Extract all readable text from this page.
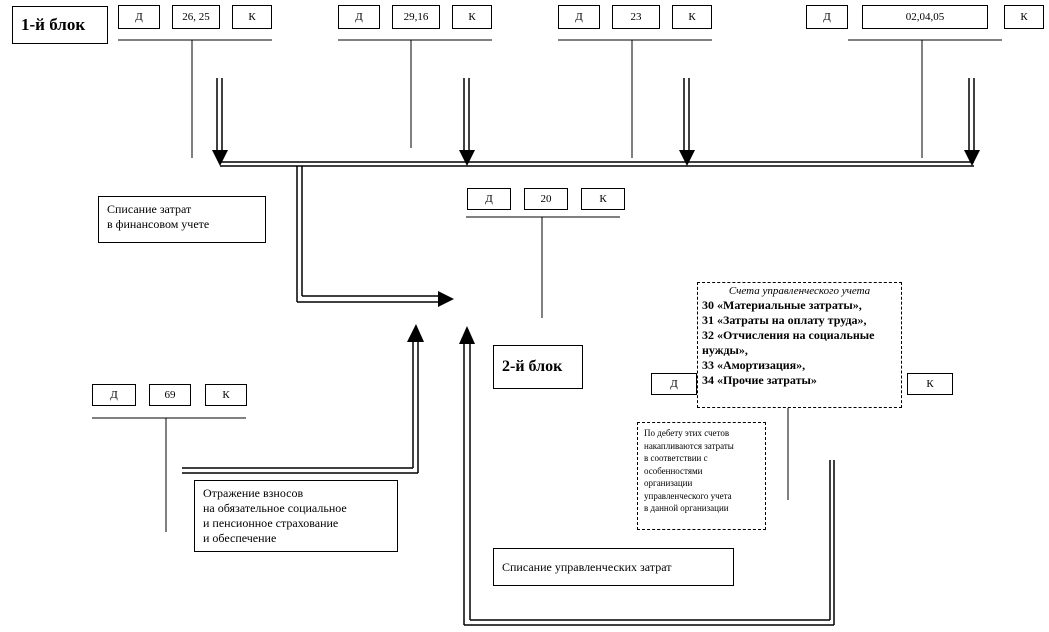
1-й блок	Д	26, 25	К	Д	29,16	К	Д	23	К	Д	02,04,05	К
Списание затрат
в финансовом учете
Д	20	К
2-й блок
Счета управленческого учета
30 «Материальные затраты»,
31 «Затраты на оплату труда»,
32 «Отчисления на социальные
нужды»,
33 «Амортизация»,
34 «Прочие затраты»
Д	К
По дебету этих счетов
накапливаются затраты
в соответствии с
особенностями
организации
управленческого учета
в данной организации
Д	69	К
Отражение взносов
на обязательное социальное
и пенсионное страхование
и обеспечение
Списание управленческих затрат
